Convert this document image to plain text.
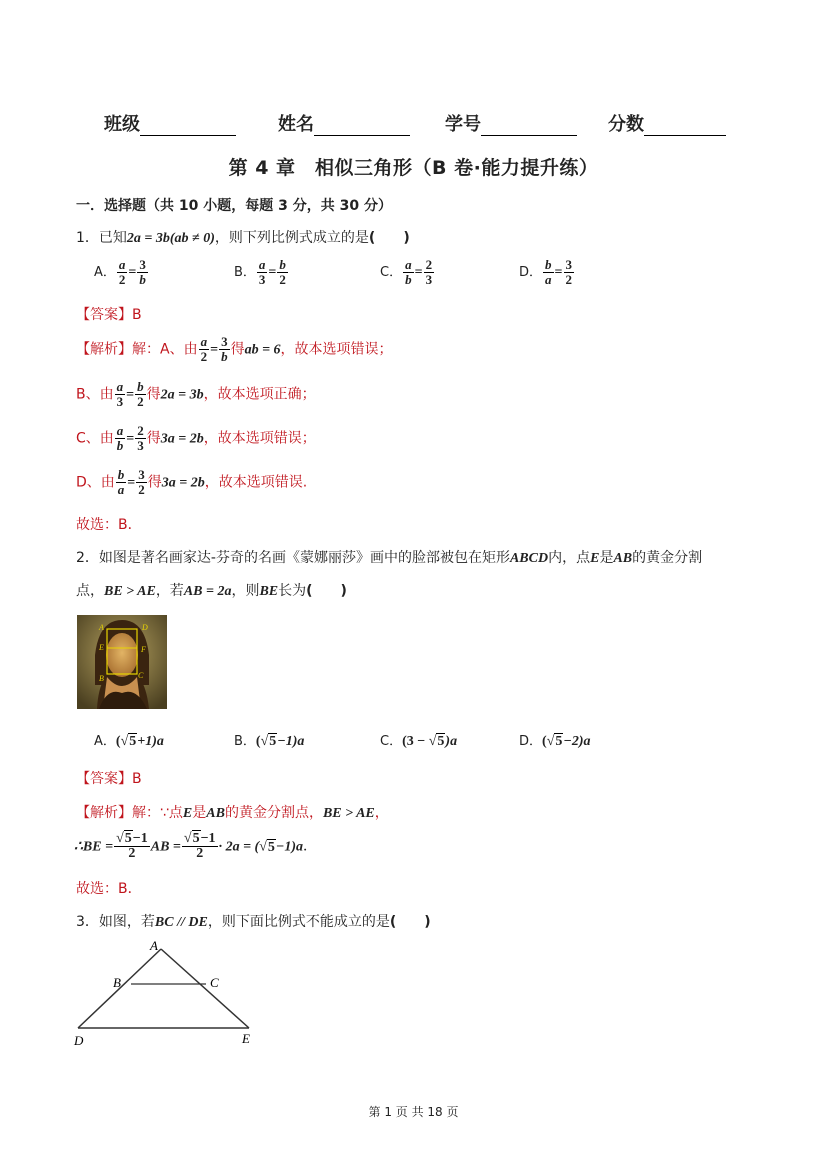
班级	姓名	学号	分数
第 4 章　相似三角形（B 卷·能力提升练）
一．选择题（共 10 小题，每题 3 分，共 30 分）
1．已知2a = 3b(ab ≠ 0)，则下列比例式成立的是(　　)
A． $\frac{a}{2} = \frac{3}{b}$	B． $\frac{a}{3} = \frac{b}{2}$	C． $\frac{a}{b} = \frac{2}{3}$	D． $\frac{b}{a} = \frac{3}{2}$
【答案】B
【解析】解：A、由 $\frac{a}{2} = \frac{3}{b}$ 得ab = 6，故本选项错误；
B、由 $\frac{a}{3} = \frac{b}{2}$ 得2a = 3b，故本选项正确；
C、由 $\frac{a}{b} = \frac{2}{3}$ 得3a = 2b，故本选项错误；
D、由 $\frac{b}{a} = \frac{3}{2}$ 得3a = 2b，故本选项错误.
故选：B．
2．如图是著名画家达-芬奇的名画《蒙娜丽莎》画中的脸部被包在矩形ABCD内，点E是AB的黄金分割
点，BE > AE，若AB = 2a，则BE长为(　　)
A	D
E	F
B	C
A．(√5+1)a	B．(√5−1)a	C．(3 − √5)a	D．(√5−2)a
【答案】B
【解析】解：∵点E是AB的黄金分割点，BE > AE，
∴BE = $\frac{√5-1}{2}$ AB = $\frac{√5-1}{2} \cdot 2a = (√5-1)a$．
故选：B．
3．如图，若BC // DE，则下面比例式不能成立的是(　　)
A
B	C
D	E
第 1 页 共 18 页
